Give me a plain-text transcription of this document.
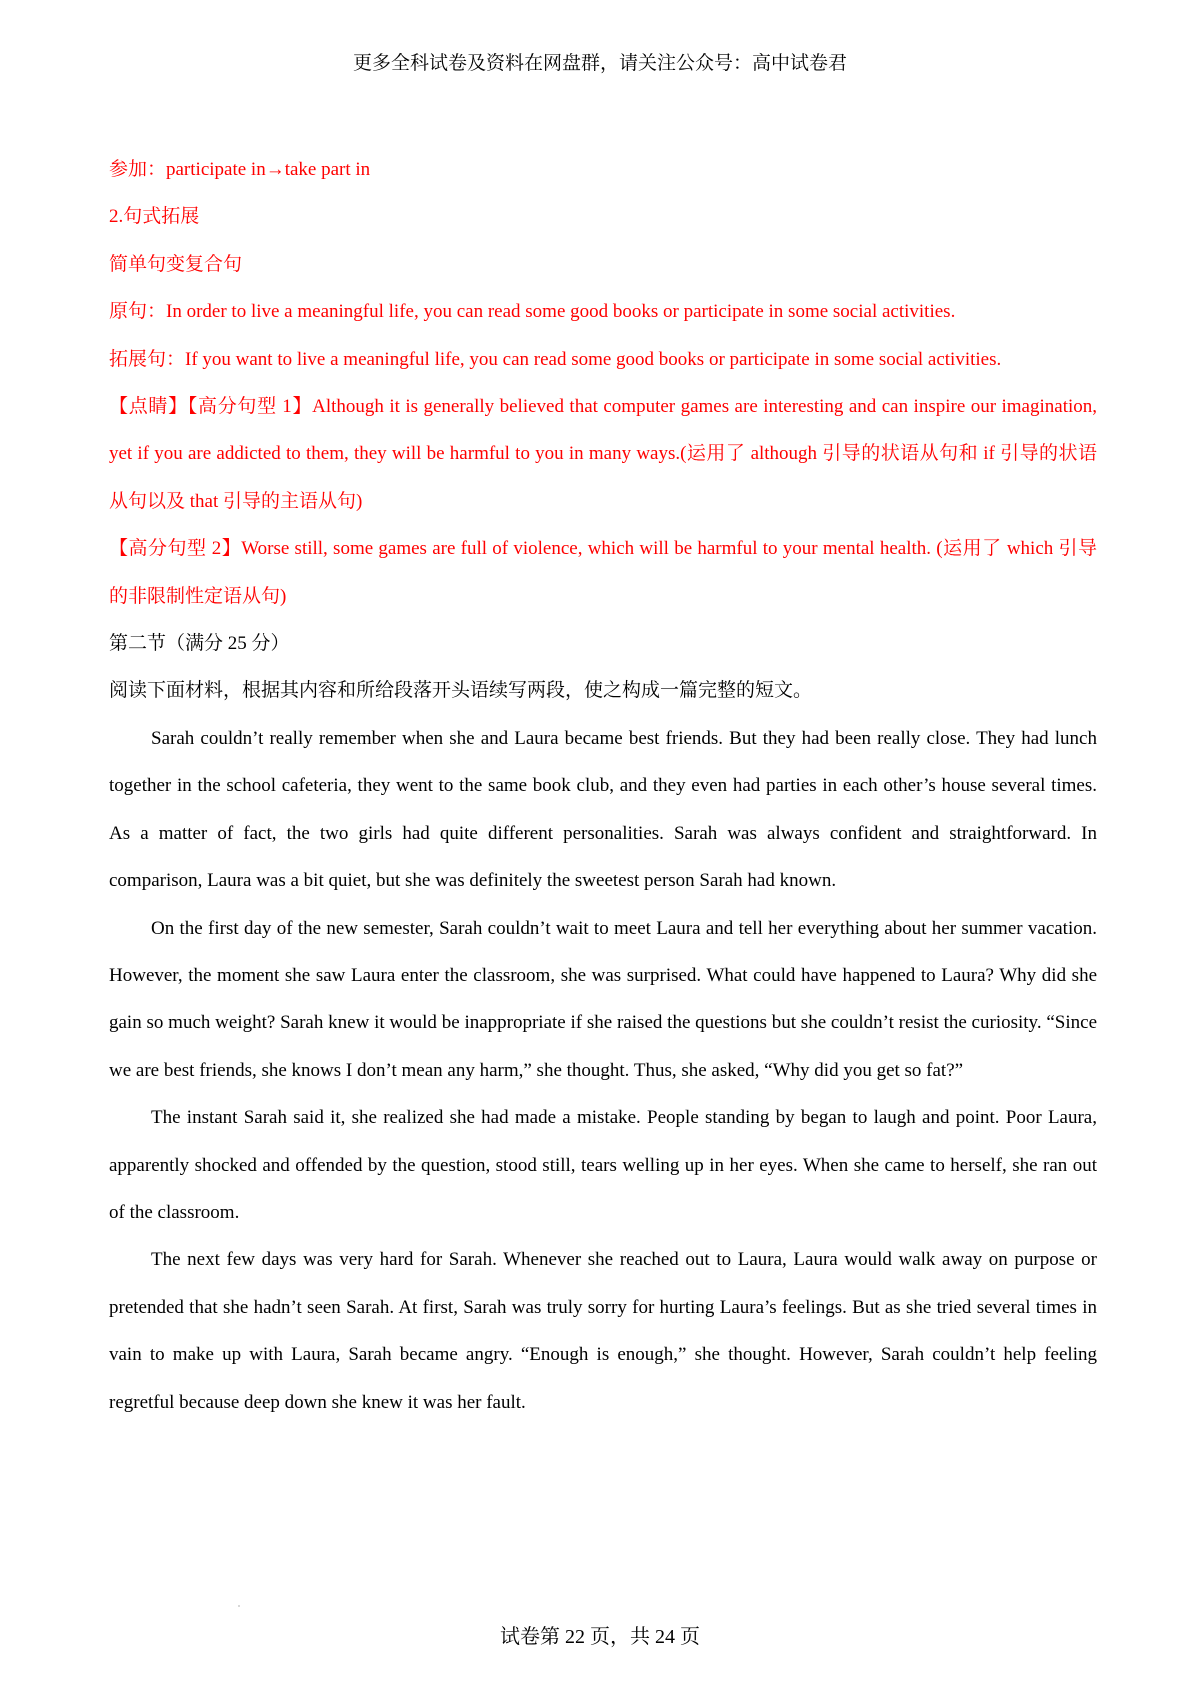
更多全科试卷及资料在网盘群，请关注公众号：高中试卷君
参加：participate in→take part in
2.句式拓展
简单句变复合句
原句：In order to live a meaningful life, you can read some good books or participate in some social activities.

拓展句：If you want to live a meaningful life, you can read some good books or participate in some social activities.

【点睛】【高分句型 1】Although it is generally believed that computer games are interesting and can inspire our imagination, yet if you are addicted to them, they will be harmful to you in many ways.(运用了 although 引导的状语从句和 if 引导的状语从句以及 that 引导的主语从句)

【高分句型 2】Worse still, some games are full of violence, which will be harmful to your mental health. (运用了 which 引导的非限制性定语从句)

第二节（满分 25 分）
阅读下面材料，根据其内容和所给段落开头语续写两段，使之构成一篇完整的短文。

Sarah couldn’t really remember when she and Laura became best friends. But they had been really close. They had lunch together in the school cafeteria, they went to the same book club, and they even had parties in each other’s house several times. As a matter of fact, the two girls had quite different personalities. Sarah was always confident and straightforward. In comparison, Laura was a bit quiet, but she was definitely the sweetest person Sarah had known.

On the first day of the new semester, Sarah couldn’t wait to meet Laura and tell her everything about her summer vacation. However, the moment she saw Laura enter the classroom, she was surprised. What could have happened to Laura? Why did she gain so much weight? Sarah knew it would be inappropriate if she raised the questions but she couldn’t resist the curiosity. “Since we are best friends, she knows I don’t mean any harm,” she thought. Thus, she asked, “Why did you get so fat?”

The instant Sarah said it, she realized she had made a mistake. People standing by began to laugh and point. Poor Laura, apparently shocked and offended by the question, stood still, tears welling up in her eyes. When she came to herself, she ran out of the classroom.

The next few days was very hard for Sarah. Whenever she reached out to Laura, Laura would walk away on purpose or pretended that she hadn’t seen Sarah. At first, Sarah was truly sorry for hurting Laura’s feelings. But as she tried several times in vain to make up with Laura, Sarah became angry. “Enough is enough,” she thought. However, Sarah couldn’t help feeling regretful because deep down she knew it was her fault.

试卷第 22 页，共 24 页
